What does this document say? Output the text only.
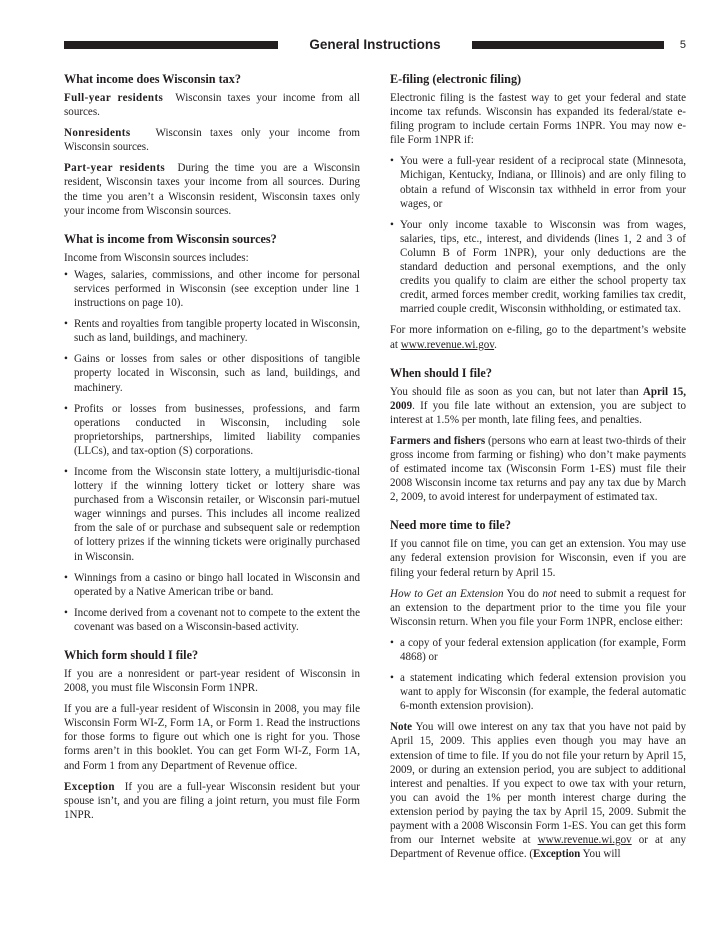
General Instructions	5
What income does Wisconsin tax?

Full-year residents Wisconsin taxes your income from all sources.

Nonresidents Wisconsin taxes only your income from Wisconsin sources.

Part-year residents During the time you are a Wisconsin resident, Wisconsin taxes your income from all sources. During the time you aren’t a Wisconsin resident, Wisconsin taxes only your income from Wisconsin sources.

What is income from Wisconsin sources?

Income from Wisconsin sources includes:

• Wages, salaries, commissions, and other income for personal services performed in Wisconsin (see exception under line 1 instructions on page 10).
• Rents and royalties from tangible property located in Wisconsin, such as land, buildings, and machinery.
• Gains or losses from sales or other dispositions of tangible property located in Wisconsin, such as land, buildings, and machinery.
• Profits or losses from businesses, professions, and farm operations conducted in Wisconsin, including sole proprietorships, partnerships, limited liability companies (LLCs), and tax-option (S) corporations.
• Income from the Wisconsin state lottery, a multijurisdic-tional lottery if the winning lottery ticket or lottery share was purchased from a Wisconsin retailer, or Wisconsin pari-mutuel wager winnings and purses. This includes all income realized from the sale of or purchase and subsequent sale or redemption of lottery prizes if the winning tickets were originally purchased in Wisconsin.
• Winnings from a casino or bingo hall located in Wisconsin and operated by a Native American tribe or band.
• Income derived from a covenant not to compete to the extent the covenant was based on a Wisconsin-based activity.
Which form should I file?

If you are a nonresident or part-year resident of Wisconsin in 2008, you must file Wisconsin Form 1NPR.

If you are a full-year resident of Wisconsin in 2008, you may file Wisconsin Form WI-Z, Form 1A, or Form 1. Read the instructions for those forms to figure out which one is right for you. Those forms aren’t in this booklet. You can get Form WI-Z, Form 1A, and Form 1 from any Department of Revenue office.

Exception If you are a full-year Wisconsin resident but your spouse isn’t, and you are filing a joint return, you must file Form 1NPR.

E-filing (electronic filing)

Electronic filing is the fastest way to get your federal and state income tax refunds. Wisconsin has expanded its federal/state e-filing program to include certain Forms 1NPR. You may now e-file Form 1NPR if:

• You were a full-year resident of a reciprocal state (Minnesota, Michigan, Kentucky, Indiana, or Illinois) and are only filing to obtain a refund of Wisconsin tax withheld in error from your wages, or
• Your only income taxable to Wisconsin was from wages, salaries, tips, etc., interest, and dividends (lines 1, 2 and 3 of Column B of Form 1NPR), your only deductions are the standard deduction and personal exemptions, and the only credits you qualify to claim are either the school property tax credit, armed forces member credit, working families tax credit, married couple credit, Wisconsin withholding, or estimated tax.

For more information on e-filing, go to the department’s website at www.revenue.wi.gov.

When should I file?

You should file as soon as you can, but not later than April 15, 2009. If you file late without an extension, you are subject to interest at 1.5% per month, late filing fees, and penalties.

Farmers and fishers (persons who earn at least two-thirds of their gross income from farming or fishing) who don’t make payments of estimated income tax (Wisconsin Form 1-ES) must file their 2008 Wisconsin income tax returns and pay any tax due by March 2, 2009, to avoid interest for underpayment of estimated tax.

Need more time to file?

If you cannot file on time, you can get an extension. You may use any federal extension provision for Wisconsin, even if you are filing your federal return by April 15.

How to Get an Extension You do not need to submit a request for an extension to the department prior to the time you file your Wisconsin return. When you file your Form 1NPR, enclose either:

• a copy of your federal extension application (for example, Form 4868) or
• a statement indicating which federal extension provision you want to apply for Wisconsin (for example, the federal automatic 6-month extension provision).

Note You will owe interest on any tax that you have not paid by April 15, 2009. This applies even though you may have an extension of time to file. If you do not file your return by April 15, 2009, or during an extension period, you are subject to additional interest and penalties. If you expect to owe tax with your return, you can avoid the 1% per month interest charge during the extension period by paying the tax by April 15, 2009. Submit the payment with a 2008 Wisconsin Form 1-ES. You can get this form from our Internet website at www.revenue.wi.gov or at any Department of Revenue office. (Exception You will
